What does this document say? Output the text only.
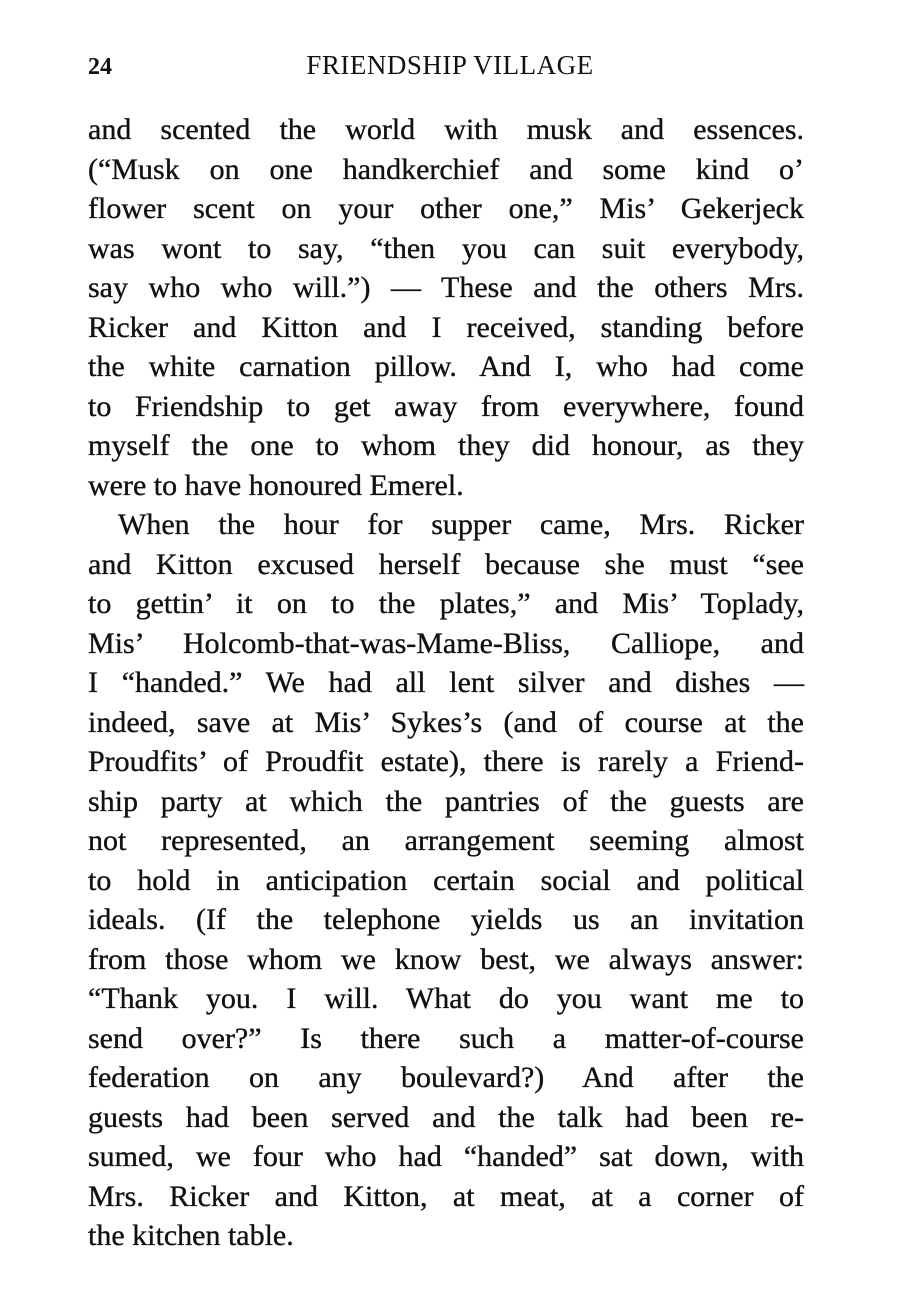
24	FRIENDSHIP VILLAGE
and scented the world with musk and essences.
(“Musk on one handkerchief and some kind o’
flower scent on your other one,” Mis’ Gekerjeck
was wont to say, “then you can suit everybody,
say who who will.”) — These and the others Mrs.
Ricker and Kitton and I received, standing before
the white carnation pillow. And I, who had come
to Friendship to get away from everywhere, found
myself the one to whom they did honour, as they
were to have honoured Emerel.
When the hour for supper came, Mrs. Ricker
and Kitton excused herself because she must “see
to gettin’ it on to the plates,” and Mis’ Toplady,
Mis’ Holcomb-that-was-Mame-Bliss, Calliope, and
I “handed.” We had all lent silver and dishes —
indeed, save at Mis’ Sykes’s (and of course at the
Proudfits’ of Proudfit estate), there is rarely a Friend-
ship party at which the pantries of the guests are
not represented, an arrangement seeming almost
to hold in anticipation certain social and political
ideals. (If the telephone yields us an invitation
from those whom we know best, we always answer:
“Thank you. I will. What do you want me to
send over?” Is there such a matter-of-course
federation on any boulevard?) And after the
guests had been served and the talk had been re-
sumed, we four who had “handed” sat down, with
Mrs. Ricker and Kitton, at meat, at a corner of
the kitchen table.
